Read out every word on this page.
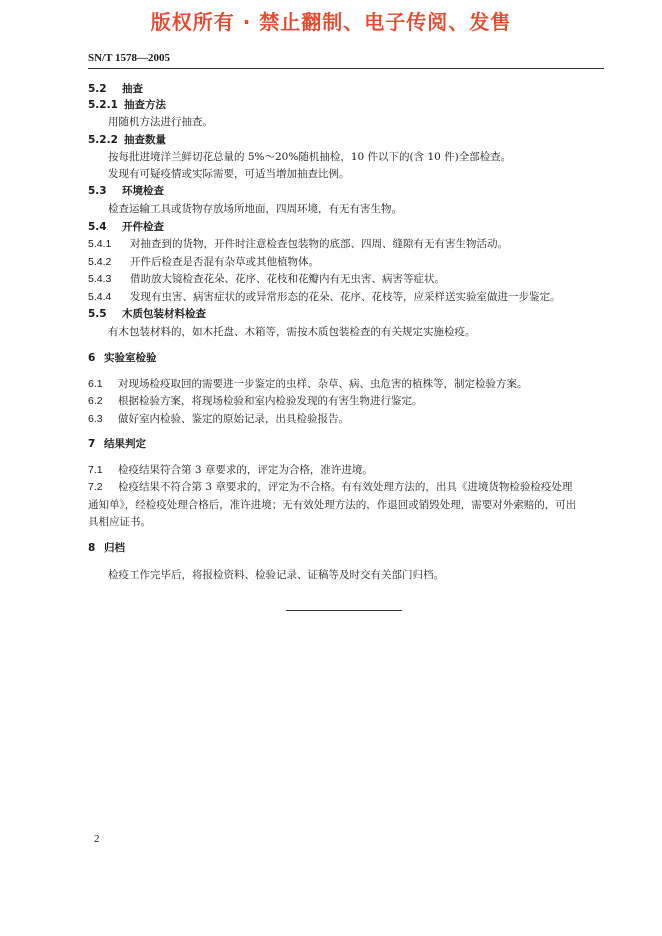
版权所有 · 禁止翻制、电子传阅、发售
SN/T 1578—2005
5.2 抽查
5.2.1 抽查方法
用随机方法进行抽查。
5.2.2 抽查数量
按每批进境洋兰鲜切花总量的 5%～20%随机抽检，10 件以下的(含 10 件)全部检查。
发现有可疑疫情或实际需要，可适当增加抽查比例。
5.3 环境检查
检查运输工具或货物存放场所地面，四周环境，有无有害生物。
5.4 开件检查
5.4.1 对抽查到的货物，开件时注意检查包装物的底部、四周、缝隙有无有害生物活动。
5.4.2 开件后检查是否混有杂草或其他植物体。
5.4.3 借助放大镜检查花朵、花序、花枝和花瓣内有无虫害、病害等症状。
5.4.4 发现有虫害、病害症状的或异常形态的花朵、花序、花枝等，应采样送实验室做进一步鉴定。
5.5 木质包装材料检查
有木包装材料的，如木托盘、木箱等，需按木质包装检查的有关规定实施检疫。
6 实验室检验
6.1 对现场检疫取回的需要进一步鉴定的虫样、杂草、病、虫危害的植株等，制定检验方案。
6.2 根据检验方案，将现场检验和室内检验发现的有害生物进行鉴定。
6.3 做好室内检验、鉴定的原始记录，出具检验报告。
7 结果判定
7.1 检疫结果符合第 3 章要求的，评定为合格，准许进境。
7.2 检疫结果不符合第 3 章要求的，评定为不合格。有有效处理方法的，出具《进境货物检验检疫处理
通知单》，经检疫处理合格后，准许进境；无有效处理方法的，作退回或销毁处理，需要对外索赔的，可出
具相应证书。
8 归档
检疫工作完毕后，将报检资料、检验记录、证稿等及时交有关部门归档。
2
